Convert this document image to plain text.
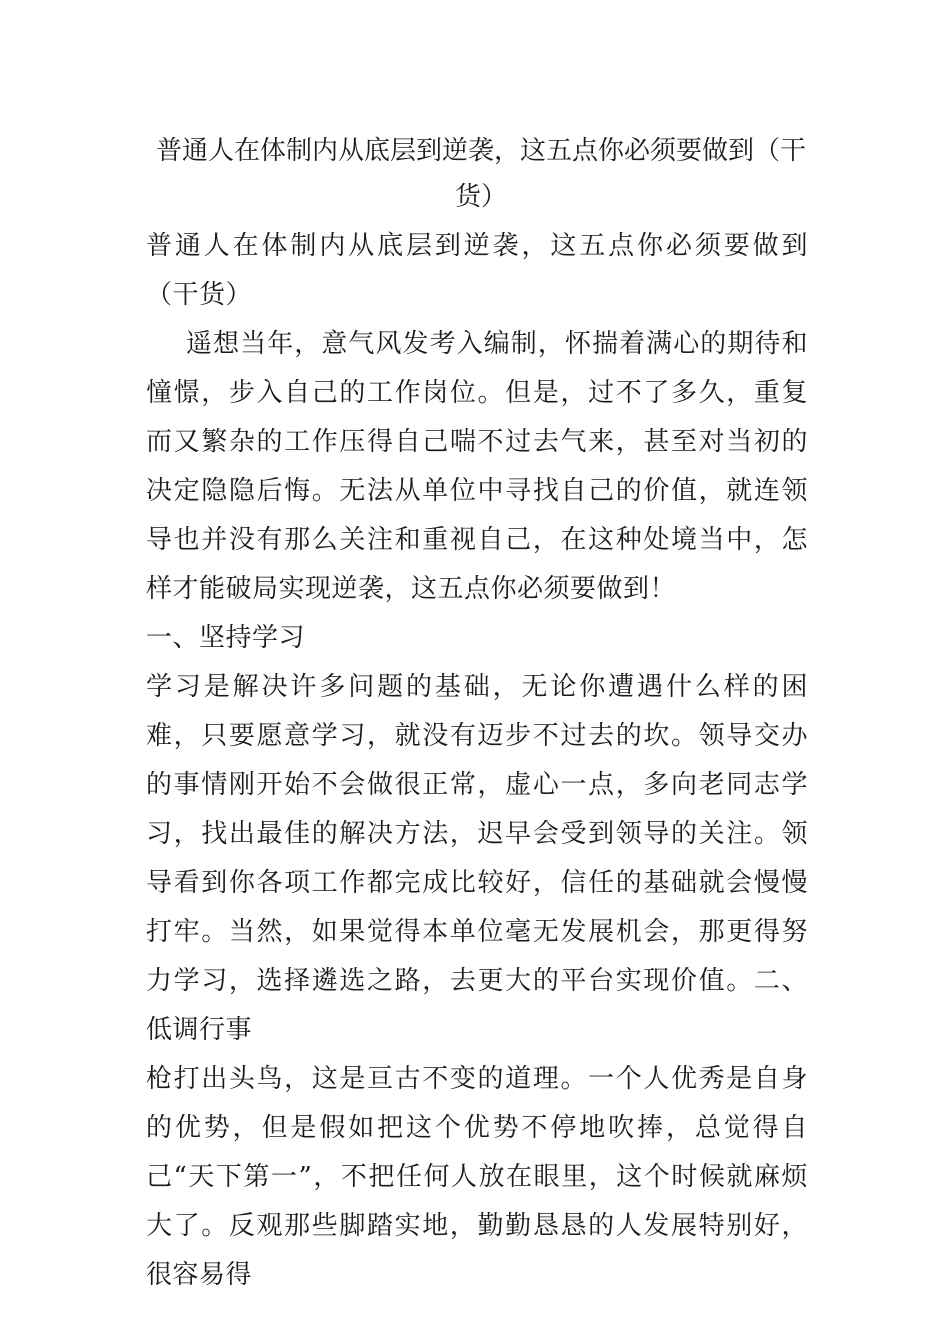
普通人在体制内从底层到逆袭，这五点你必须要做到（干货）

普通人在体制内从底层到逆袭，这五点你必须要做到（干货）

遥想当年，意气风发考入编制，怀揣着满心的期待和憧憬，步入自己的工作岗位。但是，过不了多久，重复而又繁杂的工作压得自己喘不过去气来，甚至对当初的决定隐隐后悔。无法从单位中寻找自己的价值，就连领导也并没有那么关注和重视自己，在这种处境当中，怎样才能破局实现逆袭，这五点你必须要做到！

一、坚持学习

学习是解决许多问题的基础，无论你遭遇什么样的困难，只要愿意学习，就没有迈步不过去的坎。领导交办的事情刚开始不会做很正常，虚心一点，多向老同志学习，找出最佳的解决方法，迟早会受到领导的关注。领导看到你各项工作都完成比较好，信任的基础就会慢慢打牢。当然，如果觉得本单位毫无发展机会，那更得努力学习，选择遴选之路，去更大的平台实现价值。二、低调行事

枪打出头鸟，这是亘古不变的道理。一个人优秀是自身的优势，但是假如把这个优势不停地吹捧，总觉得自己“天下第一”，不把任何人放在眼里，这个时候就麻烦大了。反观那些脚踏实地，勤勤恳恳的人发展特别好，很容易得
